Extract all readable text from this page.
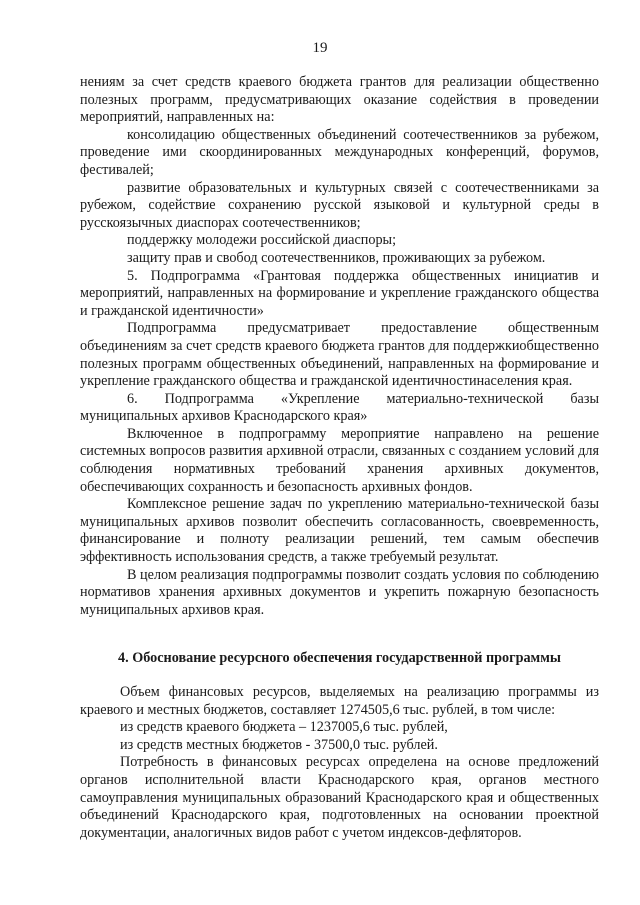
19

нениям за счет средств краевого бюджета грантов для реализации общественно полезных программ, предусматривающих оказание содействия в проведении мероприятий, направленных на:

консолидацию общественных объединений соотечественников за рубежом, проведение ими скоординированных международных конференций, форумов, фестивалей;

развитие образовательных и культурных связей с соотечественниками за рубежом, содействие сохранению русской языковой и культурной среды в русскоязычных диаспорах соотечественников;

поддержку молодежи российской диаспоры;

защиту прав и свобод соотечественников, проживающих за рубежом.

5. Подпрограмма «Грантовая поддержка общественных инициатив и мероприятий, направленных на формирование и укрепление гражданского общества и гражданской идентичности»

Подпрограмма предусматривает предоставление общественным объединениям за счет средств краевого бюджета грантов для поддержкиобщественно полезных программ общественных объединений, направленных на формирование и укрепление гражданского общества и гражданской идентичностинаселения края.

6. Подпрограмма «Укрепление материально-технической базы муниципальных архивов Краснодарского края»

Включенное в подпрограмму мероприятие направлено на решение системных вопросов развития архивной отрасли, связанных с созданием условий для соблюдения нормативных требований хранения архивных документов, обеспечивающих сохранность и безопасность архивных фондов.

Комплексное решение задач по укреплению материально-технической базы муниципальных архивов позволит обеспечить согласованность, своевременность, финансирование и полноту реализации решений, тем самым обеспечив эффективность использования средств, а также требуемый результат.

В целом реализация подпрограммы позволит создать условия по соблюдению нормативов хранения архивных документов и укрепить пожарную безопасность муниципальных архивов края.

4. Обоснование ресурсного обеспечения государственной программы

Объем финансовых ресурсов, выделяемых на реализацию программы из краевого и местных бюджетов, составляет 1274505,6 тыс. рублей, в том числе:

из средств краевого бюджета – 1237005,6 тыс. рублей,

из средств местных бюджетов - 37500,0 тыс. рублей.

Потребность в финансовых ресурсах определена на основе предложений органов исполнительной власти Краснодарского края, органов местного самоуправления муниципальных образований Краснодарского края и общественных объединений Краснодарского края, подготовленных на основании проектной документации, аналогичных видов работ с учетом индексов-дефляторов.
